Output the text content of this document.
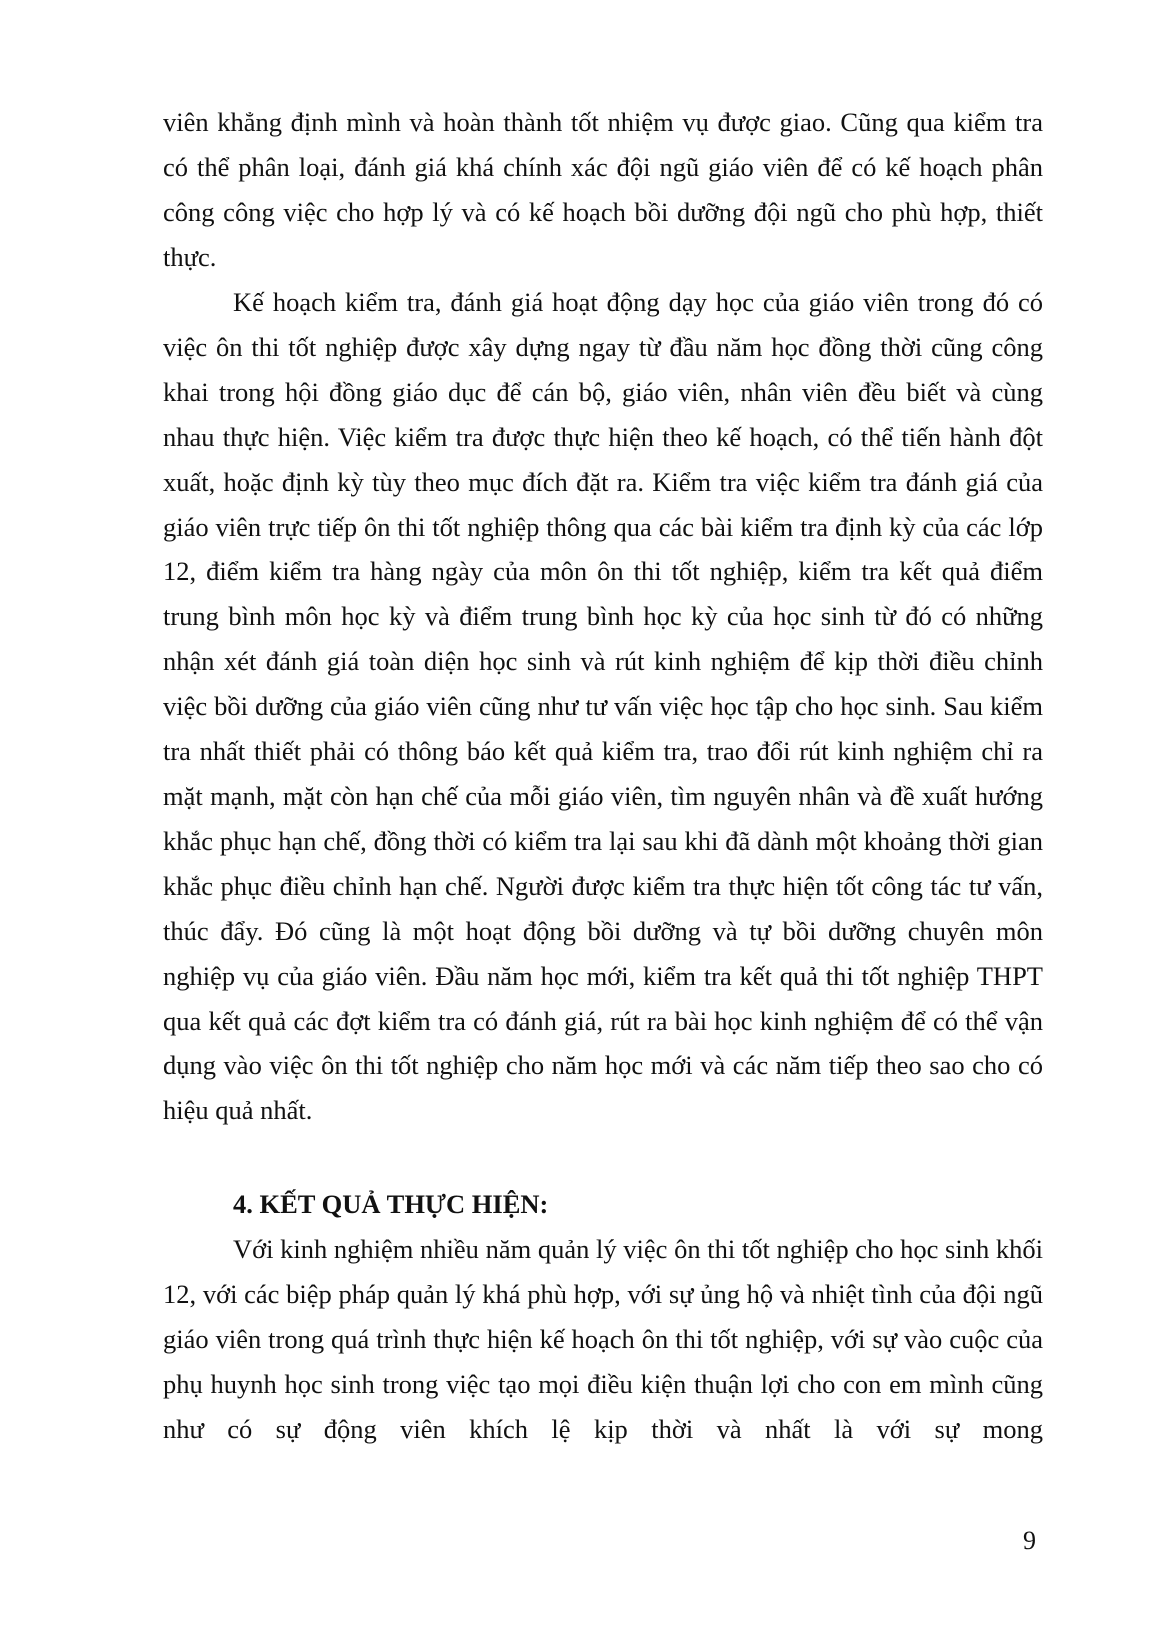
viên khẳng định mình và hoàn thành tốt nhiệm vụ được giao. Cũng qua kiểm tra có thể phân loại, đánh giá khá chính xác đội ngũ giáo viên để có kế hoạch phân công công việc cho hợp lý và có kế hoạch bồi dưỡng đội ngũ cho phù hợp, thiết thực.

Kế hoạch kiểm tra, đánh giá hoạt động dạy học của giáo viên trong đó có việc ôn thi tốt nghiệp được xây dựng ngay từ đầu năm học đồng thời cũng công khai trong hội đồng giáo dục để cán bộ, giáo viên, nhân viên đều biết và cùng nhau thực hiện. Việc kiểm tra được thực hiện theo kế hoạch, có thể tiến hành đột xuất, hoặc định kỳ tùy theo mục đích đặt ra. Kiểm tra việc kiểm tra đánh giá của giáo viên trực tiếp ôn thi tốt nghiệp thông qua các bài kiểm tra định kỳ của các lớp 12, điểm kiểm tra hàng ngày của môn ôn thi tốt nghiệp, kiểm tra kết quả điểm trung bình môn học kỳ và điểm trung bình học kỳ của học sinh từ đó có những nhận xét đánh giá toàn diện học sinh và rút kinh nghiệm để kịp thời điều chỉnh việc bồi dưỡng của giáo viên cũng như tư vấn việc học tập cho học sinh. Sau kiểm tra nhất thiết phải có thông báo kết quả kiểm tra, trao đổi rút kinh nghiệm chỉ ra mặt mạnh, mặt còn hạn chế của mỗi giáo viên, tìm nguyên nhân và đề xuất hướng khắc phục hạn chế, đồng thời có kiểm tra lại sau khi đã dành một khoảng thời gian khắc phục điều chỉnh hạn chế. Người được kiểm tra thực hiện tốt công tác tư vấn, thúc đẩy. Đó cũng là một hoạt động bồi dưỡng và tự bồi dưỡng chuyên môn nghiệp vụ của giáo viên. Đầu năm học mới, kiểm tra kết quả thi tốt nghiệp THPT qua kết quả các đợt kiểm tra có đánh giá, rút ra bài học kinh nghiệm để có thể vận dụng vào việc ôn thi tốt nghiệp cho năm học mới và các năm tiếp theo sao cho có hiệu quả nhất.

4. KẾT QUẢ THỰC HIỆN:

Với kinh nghiệm nhiều năm quản lý việc ôn thi tốt nghiệp cho học sinh khối 12, với các biệp pháp quản lý khá phù hợp, với sự ủng hộ và nhiệt tình của đội ngũ giáo viên trong quá trình thực hiện kế hoạch ôn thi tốt nghiệp, với sự vào cuộc của phụ huynh học sinh trong việc tạo mọi điều kiện thuận lợi cho con em mình cũng như có sự động viên khích lệ kịp thời và nhất là với sự mong

9
